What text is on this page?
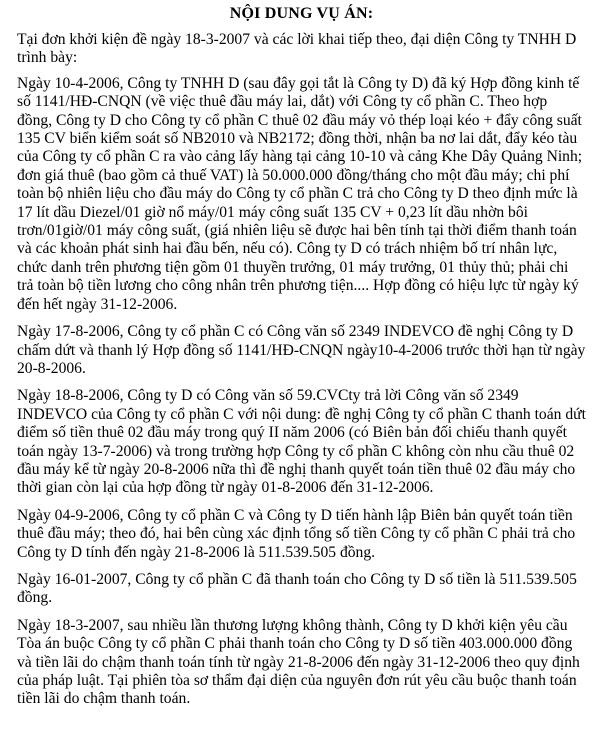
NỘI DUNG VỤ ÁN:

Tại đơn khởi kiện đề ngày 18-3-2007 và các lời khai tiếp theo, đại diện Công ty TNHH D trình bày:

Ngày 10-4-2006, Công ty TNHH D (sau đây gọi tắt là Công ty D) đã ký Hợp đồng kinh tế số 1141/HĐ-CNQN (về việc thuê đầu máy lai, dắt) với Công ty cổ phần C. Theo hợp đồng, Công ty D cho Công ty cổ phần C thuê 02 đầu máy vỏ thép loại kéo + đẩy công suất 135 CV biển kiểm soát số NB2010 và NB2172; đồng thời, nhận ba nơ lai dắt, đẩy kéo tàu của Công ty cổ phần C ra vào cảng lấy hàng tại cảng 10-10 và cảng Khe Dây Quảng Ninh; đơn giá thuê (bao gồm cả thuế VAT) là 50.000.000 đồng/tháng cho một đầu máy; chi phí toàn bộ nhiên liệu cho đầu máy do Công ty cổ phần C trả cho Công ty D theo định mức là 17 lít dầu Diezel/01 giờ nổ máy/01 máy công suất 135 CV + 0,23 lít dầu nhờn bôi trơn/01giờ/01 máy công suất, (giá nhiên liệu sẽ được hai bên tính tại thời điểm thanh toán và các khoản phát sinh hai đầu bến, nếu có). Công ty D có trách nhiệm bố trí nhân lực, chức danh trên phương tiện gồm 01 thuyền trưởng, 01 máy trưởng, 01 thủy thủ; phải chi trả toàn bộ tiền lương cho công nhân trên phương tiện.... Hợp đồng có hiệu lực từ ngày ký đến hết ngày 31-12-2006.

Ngày 17-8-2006, Công ty cổ phần C có Công văn số 2349 INDEVCO đề nghị Công ty D chấm dứt và thanh lý Hợp đồng số 1141/HĐ-CNQN ngày10-4-2006 trước thời hạn từ ngày 20-8-2006.

Ngày 18-8-2006, Công ty D có Công văn số 59.CVCty trả lời Công văn số 2349 INDEVCO của Công ty cổ phần C với nội dung: đề nghị Công ty cổ phần C thanh toán dứt điểm số tiền thuê 02 đầu máy trong quý II năm 2006 (có Biên bản đối chiếu thanh quyết toán ngày 13-7-2006) và trong trường hợp Công ty cổ phần C không còn nhu cầu thuê 02 đầu máy kể từ ngày 20-8-2006 nữa thì đề nghị thanh quyết toán tiền thuê 02 đầu máy cho thời gian còn lại của hợp đồng từ ngày 01-8-2006 đến 31-12-2006.

Ngày 04-9-2006, Công ty cổ phần C và Công ty D tiến hành lập Biên bản quyết toán tiền thuê đầu máy; theo đó, hai bên cùng xác định tổng số tiền Công ty cổ phần C phải trả cho Công ty D tính đến ngày 21-8-2006 là 511.539.505 đồng.

Ngày 16-01-2007, Công ty cổ phần C đã thanh toán cho Công ty D số tiền là 511.539.505 đồng.

Ngày 18-3-2007, sau nhiều lần thương lượng không thành, Công ty D khởi kiện yêu cầu Tòa án buộc Công ty cổ phần C phải thanh toán cho Công ty D số tiền 403.000.000 đồng và tiền lãi do chậm thanh toán tính từ ngày 21-8-2006 đến ngày 31-12-2006 theo quy định của pháp luật. Tại phiên tòa sơ thẩm đại diện của nguyên đơn rút yêu cầu buộc thanh toán tiền lãi do chậm thanh toán.
